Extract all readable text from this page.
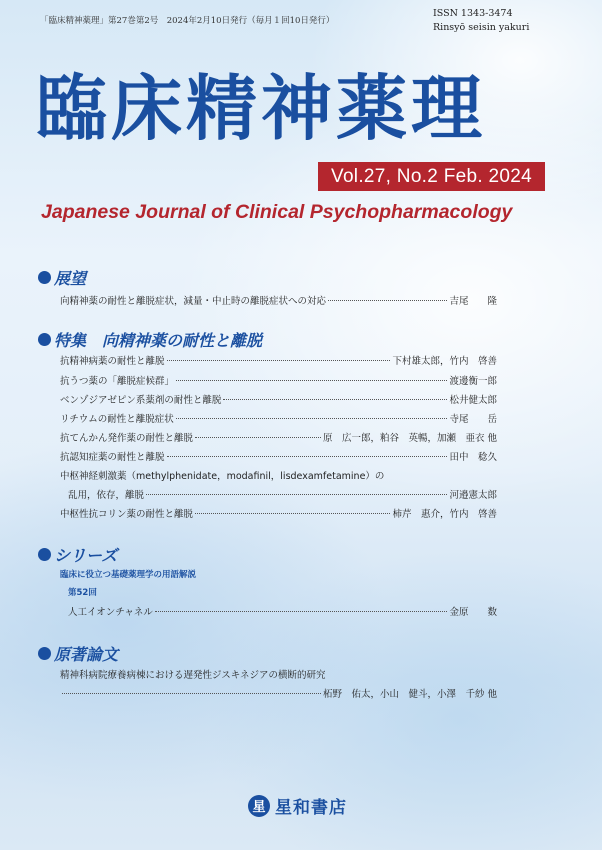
「臨床精神薬理」第27巻第2号　2024年2月10日発行（毎月１回10日発行）
ISSN 1343-3474
Rinsyō seisin yakuri
臨床精神薬理
Vol.27, No.2 Feb. 2024
Japanese Journal of Clinical Psychopharmacology
展望
向精神薬の耐性と離脱症状，減量・中止時の離脱症状への対応	吉尾　　隆
特集　向精神薬の耐性と離脱
抗精神病薬の耐性と離脱	下村雄太郎，竹内　啓善
抗うつ薬の「離脱症候群」	渡邊衡一郎
ベンゾジアゼピン系薬剤の耐性と離脱	松井健太郎
リチウムの耐性と離脱症状	寺尾　　岳
抗てんかん発作薬の耐性と離脱	原　広一郎，粕谷　英暢，加瀬　亜衣 他
抗認知症薬の耐性と離脱	田中　稔久
中枢神経刺激薬（methylphenidate，modafinil，lisdexamfetamine）の
乱用，依存，離脱	河邉憲太郎
中枢性抗コリン薬の耐性と離脱	柿芹　惠介，竹内　啓善
シリーズ
臨床に役立つ基礎薬理学の用語解説
第52回
人工イオンチャネル	金原　　数
原著論文
精神科病院療養病棟における遅発性ジスキネジアの横断的研究
柘野　佑太，小山　健斗，小澤　千紗 他
星 星和書店
